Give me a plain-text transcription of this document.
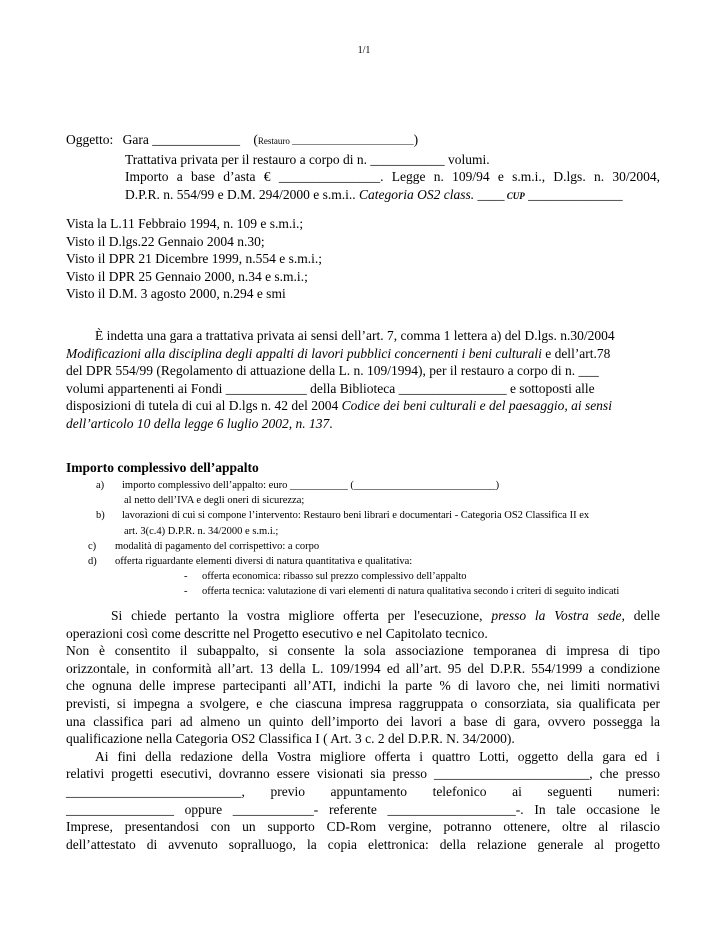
1/1
Oggetto: Gara _____________ (Restauro ___________________________)
Trattativa privata per il restauro a corpo di n. ___________ volumi.
Importo a base d’asta € _______________. Legge n. 109/94 e s.m.i., D.lgs. n. 30/2004,
D.P.R. n. 554/99 e D.M. 294/2000 e s.m.i.. Categoria OS2 class. ____ CUP ______________
Vista la L.11 Febbraio 1994, n. 109 e s.m.i.;
Visto il D.lgs.22 Gennaio 2004 n.30;
Visto il DPR 21 Dicembre 1999, n.554 e s.m.i.;
Visto il DPR 25 Gennaio 2000, n.34 e s.m.i.;
Visto il D.M. 3 agosto 2000, n.294 e smi
È indetta una gara a trattativa privata ai sensi dell’art. 7, comma 1 lettera a) del D.lgs. n.30/2004
Modificazioni alla disciplina degli appalti di lavori pubblici concernenti i beni culturali e dell’art.78
del DPR 554/99 (Regolamento di attuazione della L. n. 109/1994), per il restauro a corpo di n. ___
volumi appartenenti ai Fondi ____________ della Biblioteca ________________ e sottoposti alle
disposizioni di tutela di cui al D.lgs n. 42 del 2004 Codice dei beni culturali e del paesaggio, ai sensi
dell’articolo 10 della legge 6 luglio 2002, n. 137.
Importo complessivo dell’appalto
a) importo complessivo dell’appalto: euro ___________ (___________________________)
al netto dell’IVA e degli oneri di sicurezza;
b) lavorazioni di cui si compone l’intervento: Restauro beni librari e documentari - Categoria OS2 Classifica II ex
art. 3(c.4) D.P.R. n. 34/2000 e s.m.i.;
c) modalità di pagamento del corrispettivo: a corpo
d) offerta riguardante elementi diversi di natura quantitativa e qualitativa:
- offerta economica: ribasso sul prezzo complessivo dell’appalto
- offerta tecnica: valutazione di vari elementi di natura qualitativa secondo i criteri di seguito indicati
Si chiede pertanto la vostra migliore offerta per l'esecuzione, presso la Vostra sede, delle
operazioni così come descritte nel Progetto esecutivo e nel Capitolato tecnico.
Non è consentito il subappalto, si consente la sola associazione temporanea di impresa di tipo
orizzontale, in conformità all’art. 13 della L. 109/1994 ed all’art. 95 del D.P.R. 554/1999 a condizione
che ognuna delle imprese partecipanti all’ATI, indichi la parte % di lavoro che, nei limiti normativi
previsti, si impegna a svolgere, e che ciascuna impresa raggruppata o consorziata, sia qualificata per
una classifica pari ad almeno un quinto dell’importo dei lavori a base di gara, ovvero possegga la
qualificazione nella Categoria OS2 Classifica I ( Art. 3 c. 2 del D.P.R. N. 34/2000).
Ai fini della redazione della Vostra migliore offerta i quattro Lotti, oggetto della gara ed i
relativi progetti esecutivi, dovranno essere visionati sia presso _______________________, che presso
__________________________, previo appuntamento telefonico ai seguenti numeri:
________________ oppure ____________- referente ___________________-. In tale occasione le
Imprese, presentandosi con un supporto CD-Rom vergine, potranno ottenere, oltre al rilascio
dell’attestato di avvenuto sopralluogo, la copia elettronica: della relazione generale al progetto
